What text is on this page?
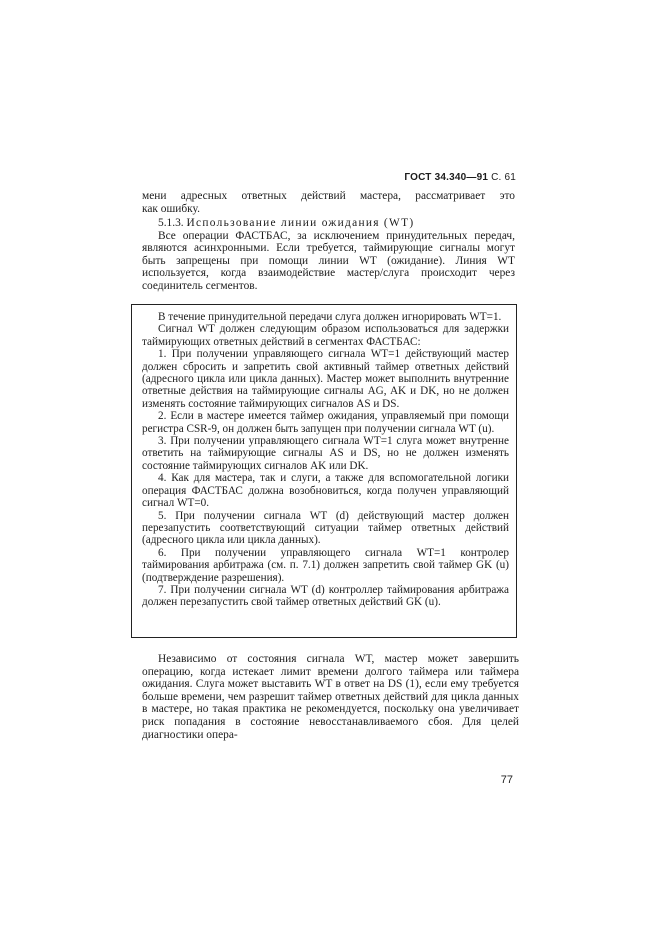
ГОСТ 34.340—91 С. 61

мени адресных ответных действий мастера, рассматривает это

как ошибку.

5.1.3. Использование линии ожидания (WT)

Все операции ФАСТБАС, за исключением принудительных передач, являются асинхронными. Если требуется, таймирующие сигналы могут быть запрещены при помощи линии WT (ожидание). Линия WT используется, когда взаимодействие мастер/слуга происходит через соединитель сегментов.

В течение принудительной передачи слуга должен игнорировать WT=1.

Сигнал WT должен следующим образом использоваться для задержки таймирующих ответных действий в сегментах ФАСТБАС:

1. При получении управляющего сигнала WT=1 действующий мастер должен сбросить и запретить свой активный таймер ответных действий (адресного цикла или цикла данных). Мастер может выполнить внутренние ответные действия на таймирующие сигналы AG, AK и DK, но не должен изменять состояние таймирующих сигналов AS и DS.

2. Если в мастере имеется таймер ожидания, управляемый при помощи регистра CSR-9, он должен быть запущен при получении сигнала WT (u).

3. При получении управляющего сигнала WT=1 слуга может внутренне ответить на таймирующие сигналы AS и DS, но не должен изменять состояние таймирующих сигналов AK или DK.

4. Как для мастера, так и слуги, а также для вспомогательной логики операция ФАСТБАС должна возобновиться, когда получен управляющий сигнал WT=0.

5. При получении сигнала WT (d) действующий мастер должен перезапустить соответствующий ситуации таймер ответных действий (адресного цикла или цикла данных).

6. При получении управляющего сигнала WT=1 контролер таймирования арбитража (см. п. 7.1) должен запретить свой таймер GK (u) (подтверждение разрешения).

7. При получении сигнала WT (d) контроллер таймирования арбитража должен перезапустить свой таймер ответных действий GK (u).

Независимо от состояния сигнала WT, мастер может завершить операцию, когда истекает лимит времени долгого таймера или таймера ожидания. Слуга может выставить WT в ответ на DS (1), если ему требуется больше времени, чем разрешит таймер ответных действий для цикла данных в мастере, но такая практика не рекомендуется, поскольку она увеличивает риск попадания в состояние невосстанавливаемого сбоя. Для целей диагностики опера-

77
